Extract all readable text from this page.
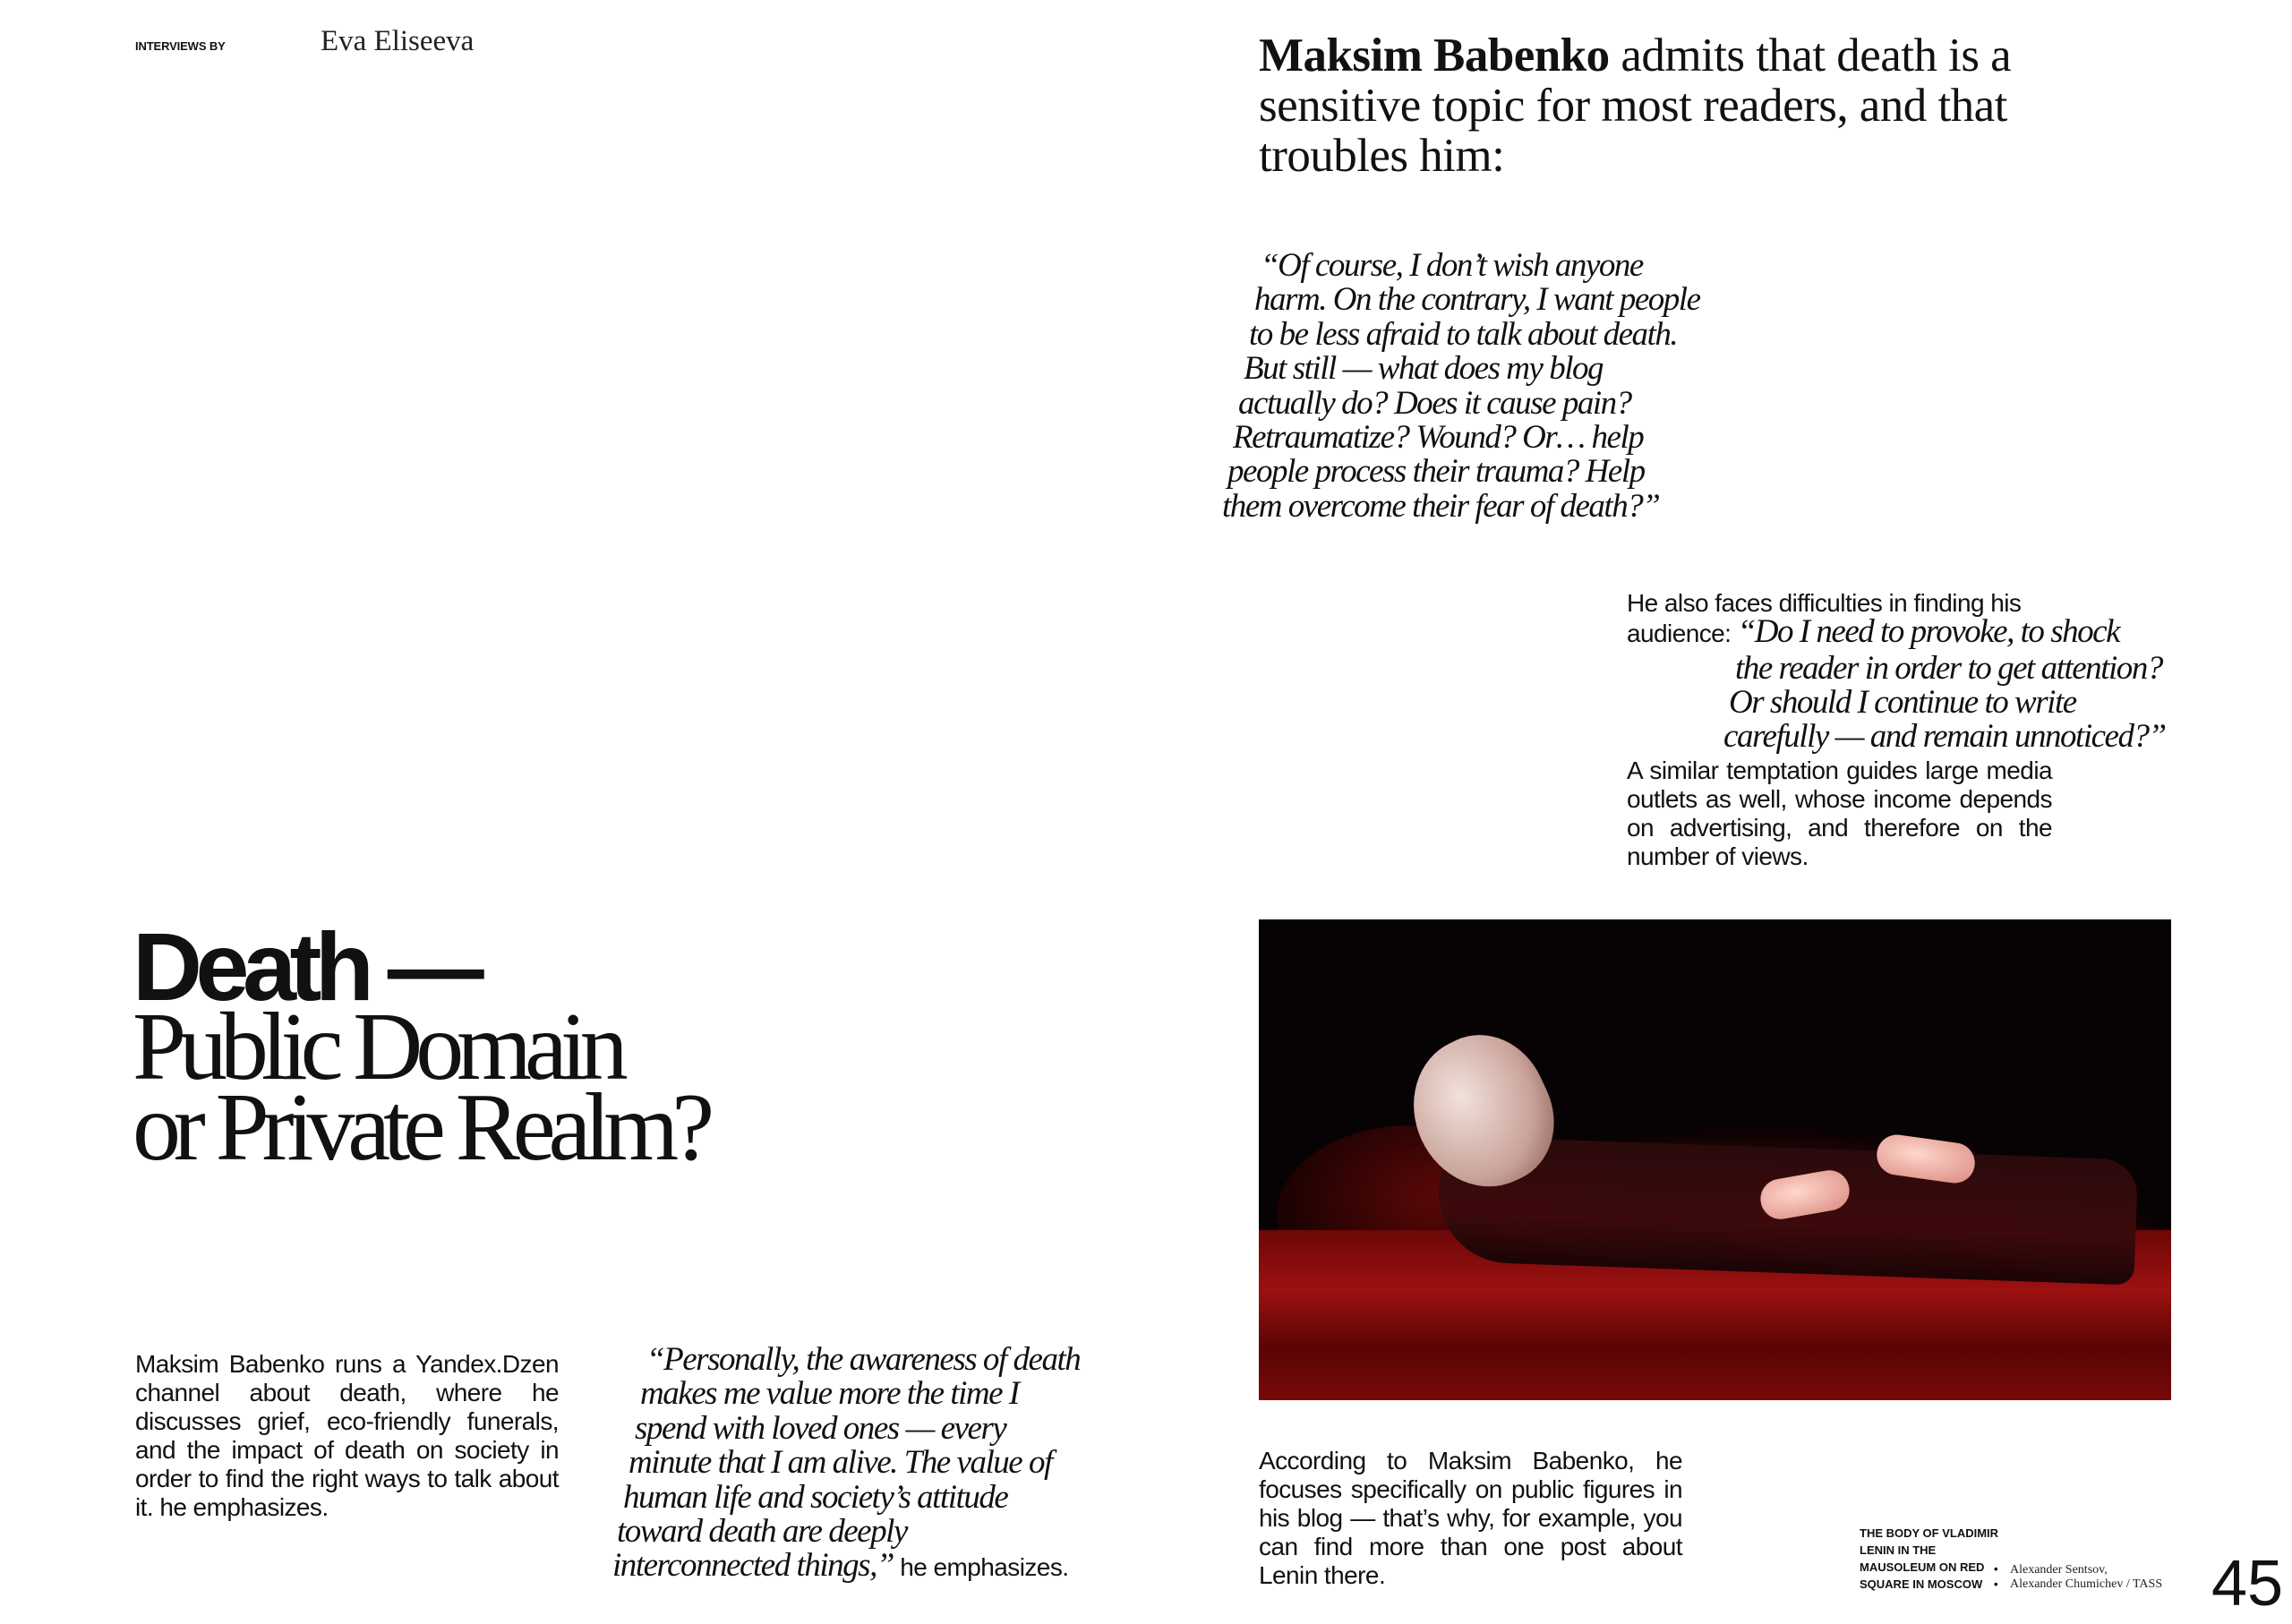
INTERVIEWS BY	Eva Eliseeva	Maksim Babenko admits that death is a sensitive topic for most readers, and that troubles him:
“Of course, I don’t wish anyone
harm. On the contrary, I want people
to be less afraid to talk about death.
But still — what does my blog
actually do? Does it cause pain?
Retraumatize? Wound? Or… help
people process their trauma? Help
them overcome their fear of death?”
He also faces difficulties in finding his
audience: “Do I need to provoke, to shock
the reader in order to get attention?
Or should I continue to write
carefully — and remain unnoticed?”
A similar temptation guides large media outlets as well, whose income depends on advertising, and therefore on the number of views.
Death —
Public Domain
or Private Realm?
Maksim Babenko runs a Yandex.Dzen channel about death, where he discusses grief, eco-friendly funerals, and the impact of death on society in order to find the right ways to talk about it. he emphasizes.
“Personally, the awareness of death
makes me value more the time I
spend with loved ones — every
minute that I am alive. The value of
human life and society’s attitude
toward death are deeply
interconnected things,” he emphasizes.
According to Maksim Babenko, he focuses specifically on public figures in his blog — that’s why, for example, you can find more than one post about Lenin there.
THE BODY OF VLADIMIR
LENIN IN THE
MAUSOLEUM ON RED
SQUARE IN MOSCOW
•
•
Alexander Sentsov,
Alexander Chumichev / TASS 45
